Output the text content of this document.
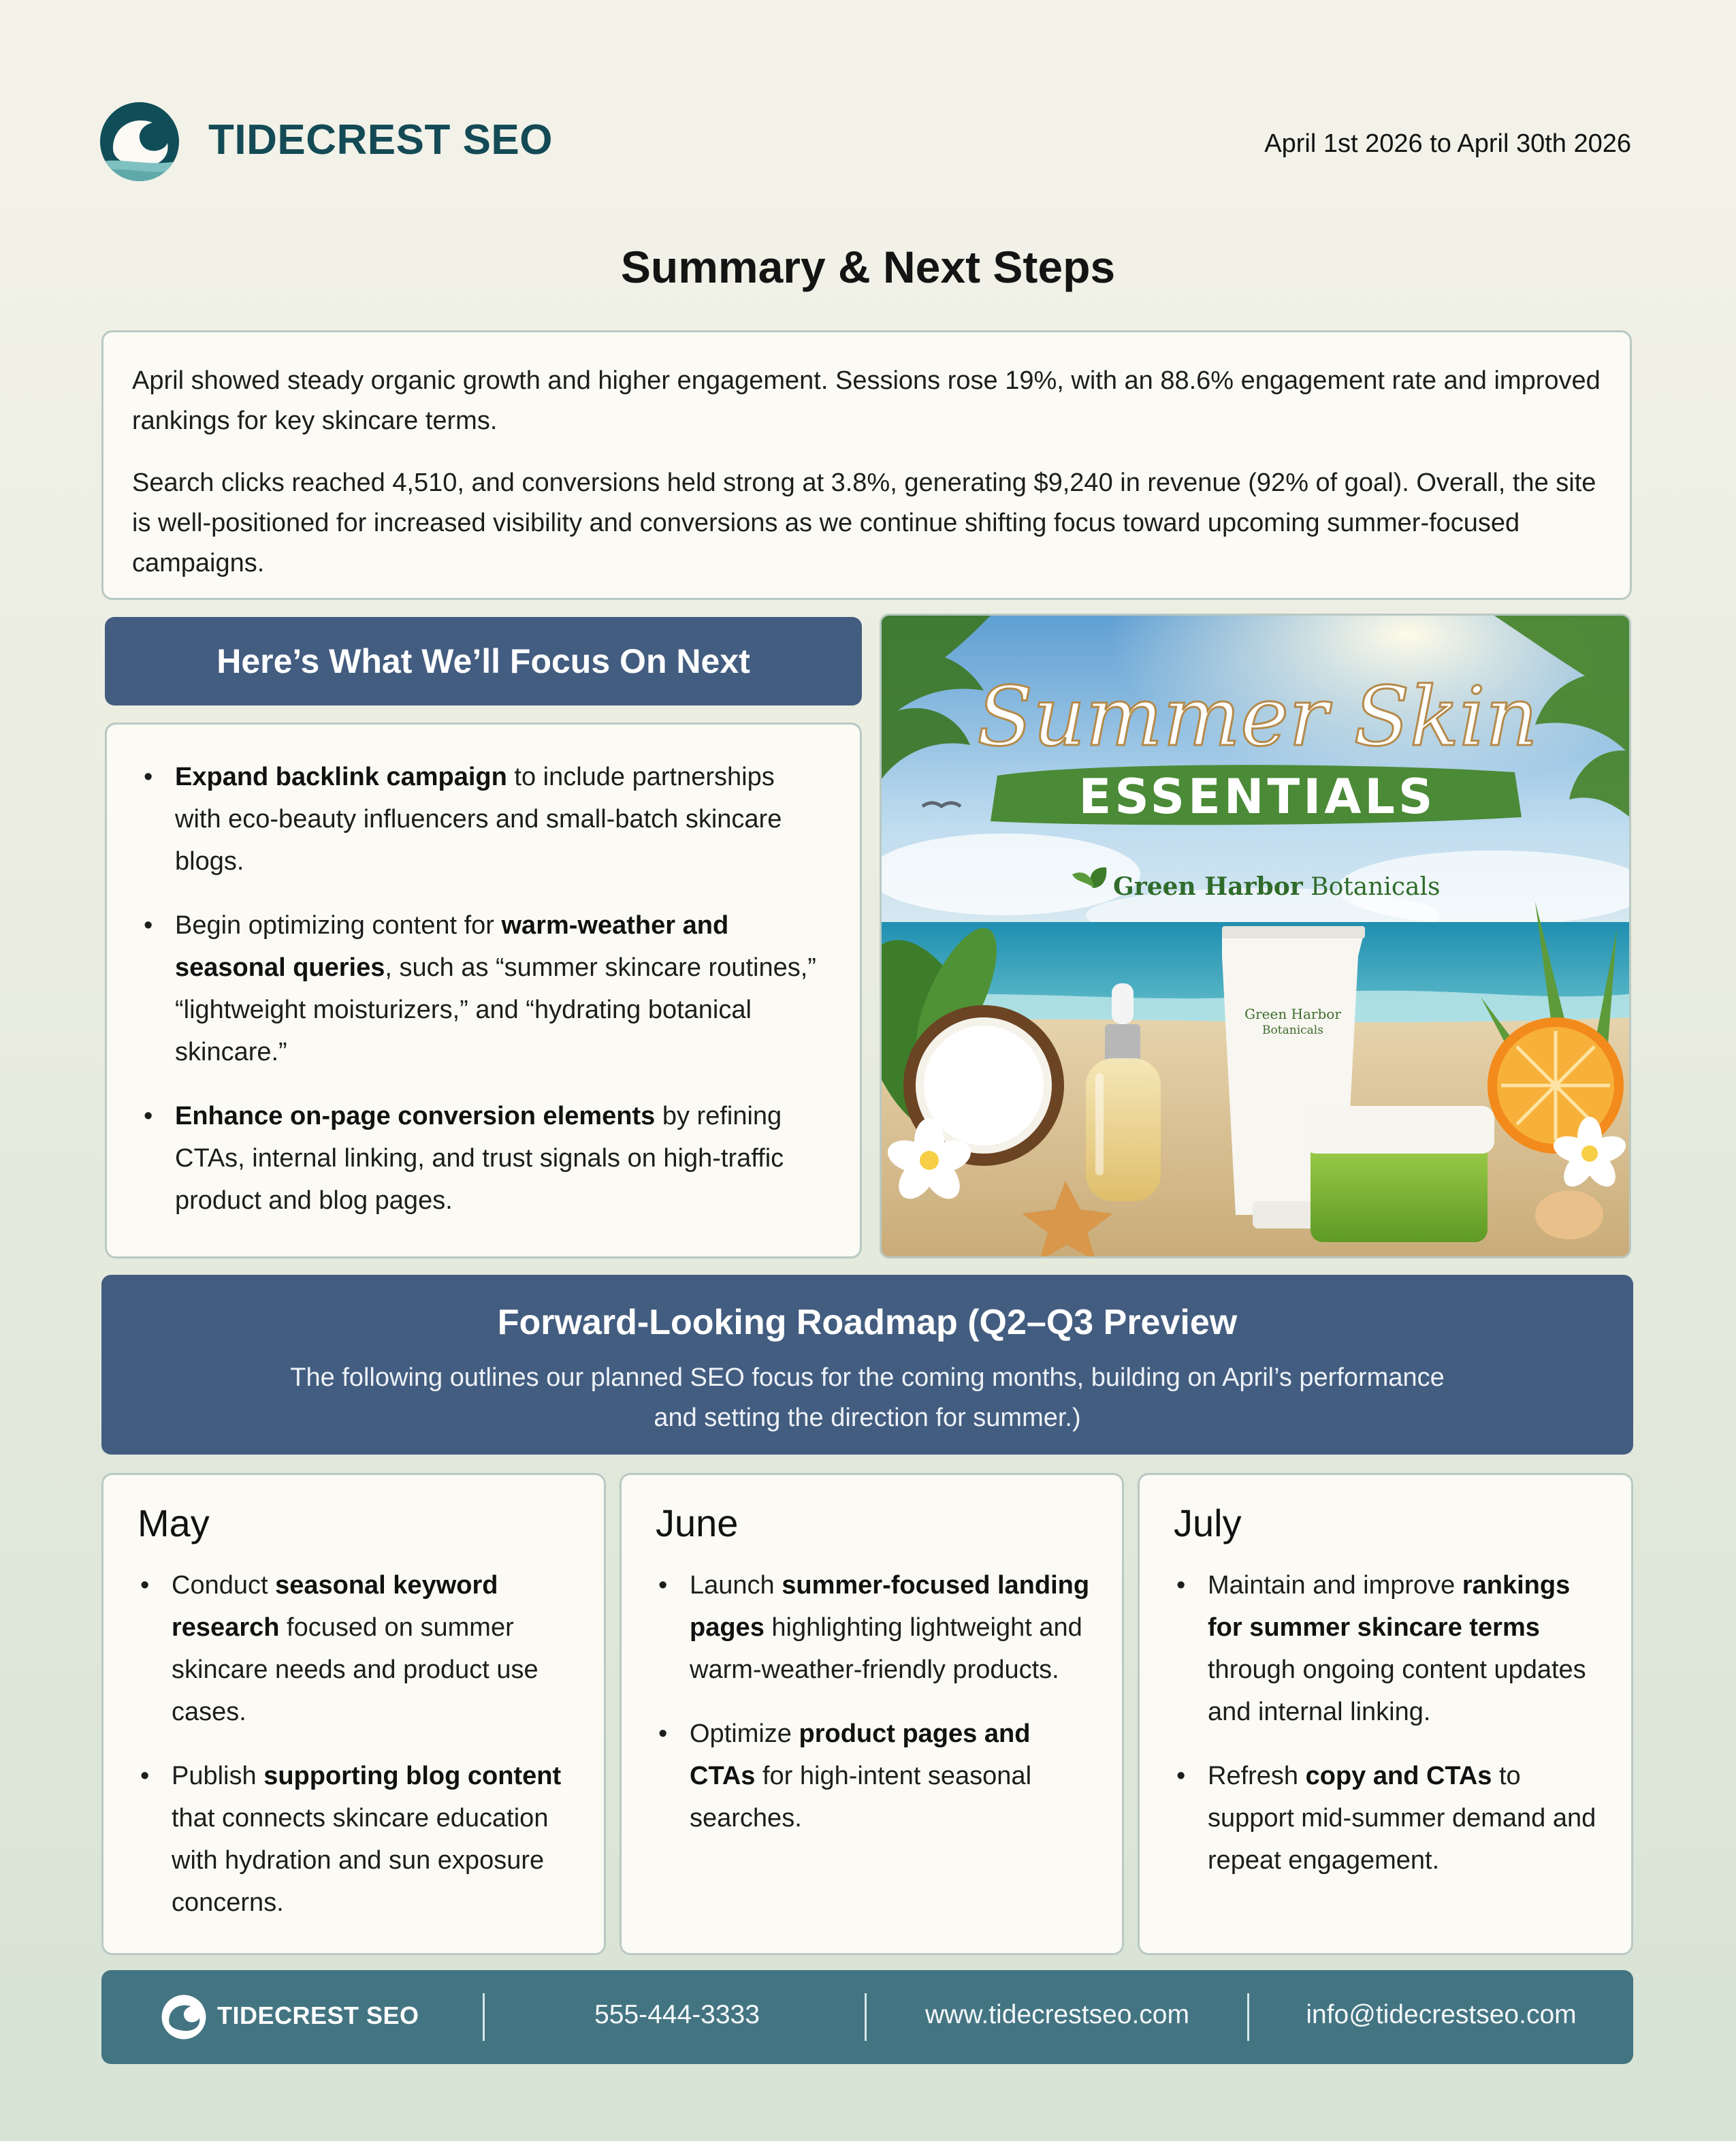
TIDECREST SEO	April 1st 2026 to April 30th 2026
Summary & Next Steps

April showed steady organic growth and higher engagement. Sessions rose 19%, with an 88.6% engagement rate and improved rankings for key skincare terms.

Search clicks reached 4,510, and conversions held strong at 3.8%, generating $9,240 in revenue (92% of goal). Overall, the site is well-positioned for increased visibility and conversions as we continue shifting focus toward upcoming summer-focused campaigns.

Here’s What We’ll Focus On Next
• Expand backlink campaign to include partnerships with eco-beauty influencers and small-batch skincare blogs.
• Begin optimizing content for warm-weather and seasonal queries, such as “summer skincare routines,” “lightweight moisturizers,” and “hydrating botanical skincare.”
• Enhance on-page conversion elements by refining CTAs, internal linking, and trust signals on high-traffic product and blog pages.
Summer Skin
ESSENTIALS
Green Harbor Botanicals
Green Harbor
Botanicals
Forward-Looking Roadmap (Q2–Q3 Preview

The following outlines our planned SEO focus for the coming months, building on April’s performance and setting the direction for summer.)

May
• Conduct seasonal keyword research focused on summer skincare needs and product use cases.
• Publish supporting blog content that connects skincare education with hydration and sun exposure concerns.
June
• Launch summer-focused landing pages highlighting lightweight and warm-weather-friendly products.
• Optimize product pages and CTAs for high-intent seasonal searches.
July
• Maintain and improve rankings for summer skincare terms through ongoing content updates and internal linking.
• Refresh copy and CTAs to support mid-summer demand and repeat engagement.
TIDECREST SEO	555-444-3333	www.tidecrestseo.com	info@tidecrestseo.com
